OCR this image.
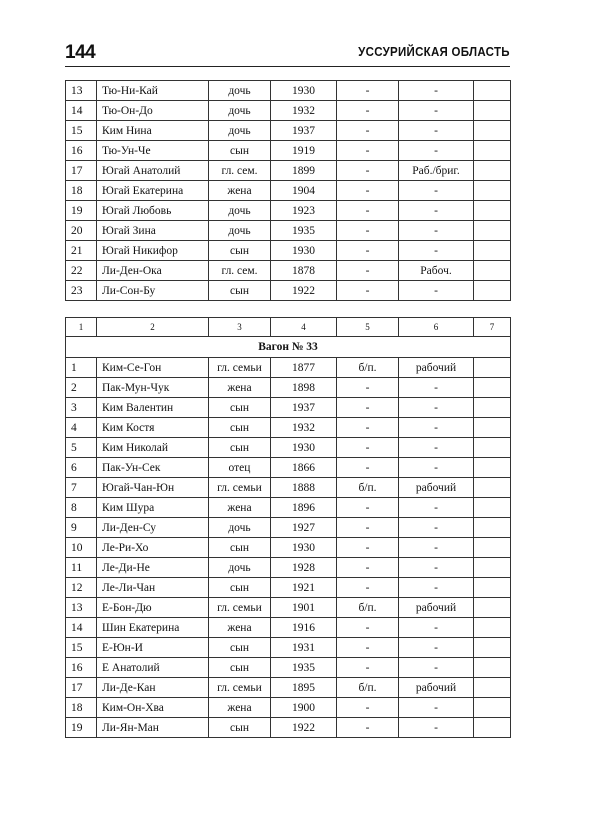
144	УССУРИЙСКАЯ ОБЛАСТЬ
13	Тю-Ни-Кай	дочь	1930	-	-	
14	Тю-Он-До	дочь	1932	-	-	
15	Ким Нина	дочь	1937	-	-	
16	Тю-Ун-Че	сын	1919	-	-	
17	Югай Анатолий	гл. сем.	1899	-	Раб./бриг.	
18	Югай Екатерина	жена	1904	-	-	
19	Югай Любовь	дочь	1923	-	-	
20	Югай Зина	дочь	1935	-	-	
21	Югай Никифор	сын	1930	-	-	
22	Ли-Ден-Ока	гл. сем.	1878	-	Рабоч.	
23	Ли-Сон-Бу	сын	1922	-	-	
1	2	3	4	5	6	7
Вагон № 33						
1	Ким-Се-Гон	гл. семьи	1877	б/п.	рабочий	
2	Пак-Мун-Чук	жена	1898	-	-	
3	Ким Валентин	сын	1937	-	-	
4	Ким Костя	сын	1932	-	-	
5	Ким Николай	сын	1930	-	-	
6	Пак-Ун-Сек	отец	1866	-	-	
7	Югай-Чан-Юн	гл. семьи	1888	б/п.	рабочий	
8	Ким Шура	жена	1896	-	-	
9	Ли-Ден-Су	дочь	1927	-	-	
10	Ле-Ри-Хо	сын	1930	-	-	
11	Ле-Ди-Не	дочь	1928	-	-	
12	Ле-Ли-Чан	сын	1921	-	-	
13	Е-Бон-Дю	гл. семьи	1901	б/п.	рабочий	
14	Шин Екатерина	жена	1916	-	-	
15	Е-Юн-И	сын	1931	-	-	
16	Е Анатолий	сын	1935	-	-	
17	Ли-Де-Кан	гл. семьи	1895	б/п.	рабочий	
18	Ким-Он-Хва	жена	1900	-	-	
19	Ли-Ян-Ман	сын	1922	-	-	
